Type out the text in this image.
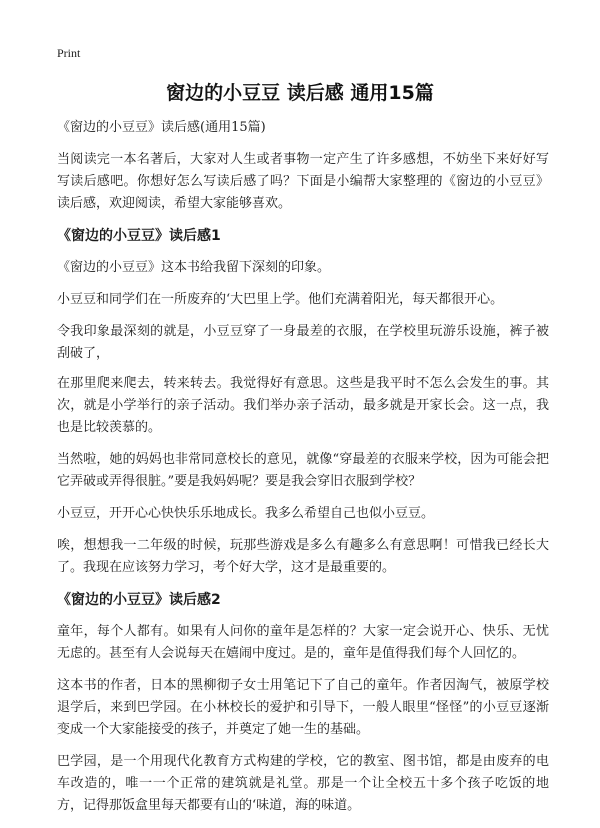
Print
窗边的小豆豆 读后感 通用15篇

《窗边的小豆豆》读后感(通用15篇)

当阅读完一本名著后，大家对人生或者事物一定产生了许多感想，不妨坐下来好好写写读后感吧。你想好怎么写读后感了吗？下面是小编帮大家整理的《窗边的小豆豆》读后感，欢迎阅读，希望大家能够喜欢。

《窗边的小豆豆》读后感1

《窗边的小豆豆》这本书给我留下深刻的印象。

小豆豆和同学们在一所废弃的‘大巴里上学。他们充满着阳光，每天都很开心。

令我印象最深刻的就是，小豆豆穿了一身最差的衣服，在学校里玩游乐设施，裤子被刮破了，

在那里爬来爬去，转来转去。我觉得好有意思。这些是我平时不怎么会发生的事。其次，就是小学举行的亲子活动。我们举办亲子活动，最多就是开家长会。这一点，我也是比较羡慕的。

当然啦，她的妈妈也非常同意校长的意见，就像“穿最差的衣服来学校，因为可能会把它弄破或弄得很脏。”要是我妈妈呢？要是我会穿旧衣服到学校？

小豆豆，开开心心快快乐乐地成长。我多么希望自己也似小豆豆。

唉，想想我一二年级的时候，玩那些游戏是多么有趣多么有意思啊！可惜我已经长大了。我现在应该努力学习，考个好大学，这才是最重要的。

《窗边的小豆豆》读后感2

童年，每个人都有。如果有人问你的童年是怎样的？大家一定会说开心、快乐、无忧无虑的。甚至有人会说每天在嬉闹中度过。是的，童年是值得我们每个人回忆的。

这本书的作者，日本的黑柳彻子女士用笔记下了自己的童年。作者因淘气，被原学校退学后，来到巴学园。在小林校长的爱护和引导下，一般人眼里“怪怪”的小豆豆逐渐变成一个大家能接受的孩子，并奠定了她一生的基础。

巴学园，是一个用现代化教育方式构建的学校，它的教室、图书馆，都是由废弃的电车改造的，唯一一个正常的建筑就是礼堂。那是一个让全校五十多个孩子吃饭的地方，记得那饭盒里每天都要有山的‘味道，海的味道。
